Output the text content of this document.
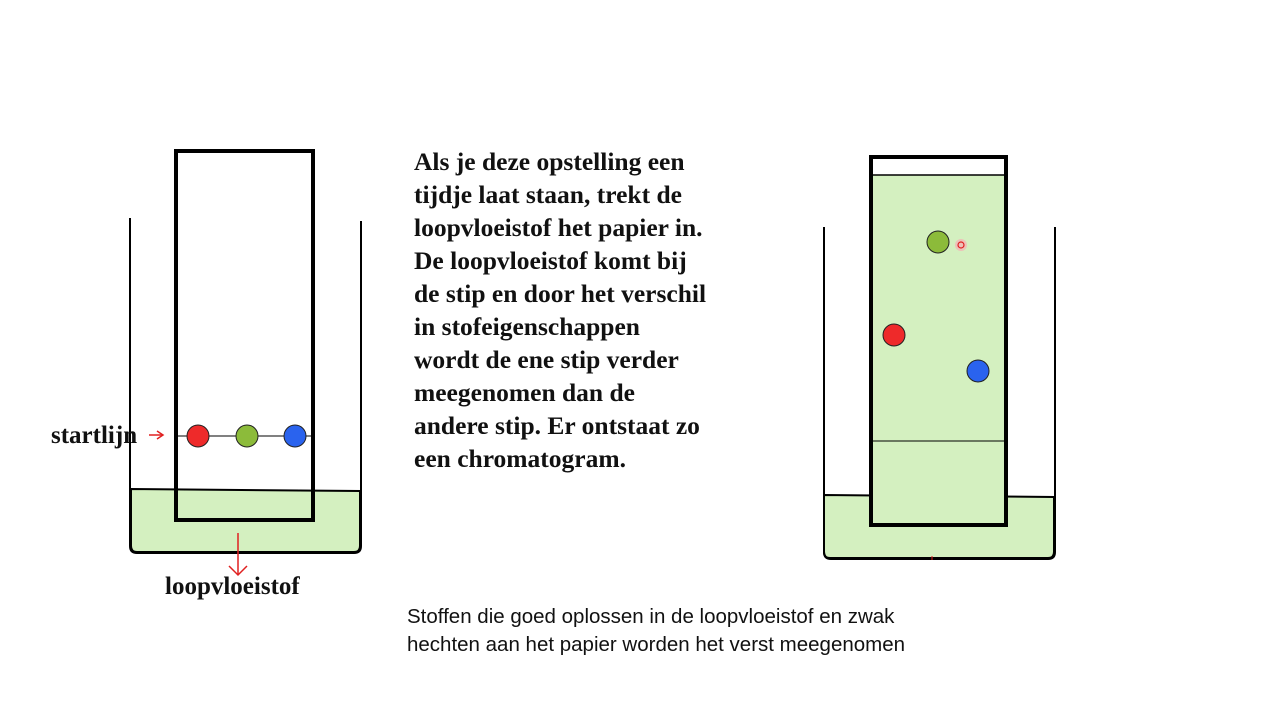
startlijn
loopvloeistof

Als je deze opstelling een
tijdje laat staan, trekt de
loopvloeistof het papier in.
De loopvloeistof komt bij
de stip en door het verschil
in stofeigenschappen
wordt de ene stip verder
meegenomen dan de
andere stip. Er ontstaat zo
een chromatogram.

Stoffen die goed oplossen in de loopvloeistof en zwak
hechten aan het papier worden het verst meegenomen
